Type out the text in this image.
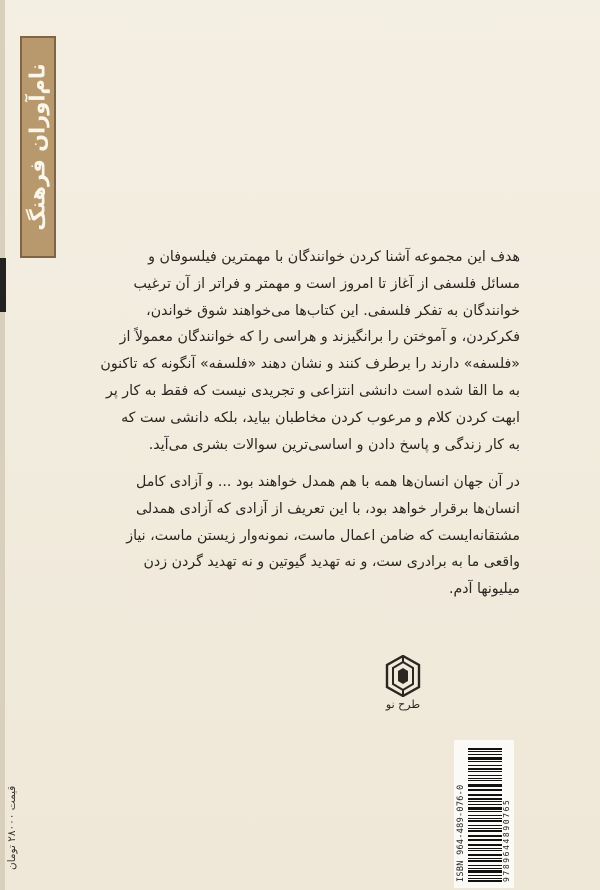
نام‌آوران فرهنگ

هدف این مجموعه آشنا کردن خوانندگان با مهمترین فیلسوفان و

مسائل فلسفی از آغاز تا امروز است و مهمتر و فراتر از آن ترغیب

خوانندگان به تفکر فلسفی. این کتاب‌ها می‌خواهند شوق خواندن،

فکرکردن، و آموختن را برانگیزند و هراسی را که خوانندگان معمولاً از

«فلسفه» دارند را برطرف کنند و نشان دهند «فلسفه» آنگونه که تاکنون

به ما القا شده است دانشی انتزاعی و تجریدی نیست که فقط به کار پر

ابهت کردن کلام و مرعوب کردن مخاطبان بیاید، بلکه دانشی ست که

به کار زندگی و پاسخ دادن و اساسی‌ترین سوالات بشری می‌آید.

در آن جهان انسان‌ها همه با هم همدل خواهند بود ... و آزادی کامل

انسان‌ها برقرار خواهد بود، با این تعریف از آزادی که آزادی همدلی

مشتقانه‌ایست که ضامن اعمال ماست، نمونه‌وار زیستن ماست، نیاز

واقعی ما به برادری ست، و نه تهدید گیوتین و نه تهدید گردن زدن

میلیونها آدم.

طرح نو
ISBN 964-489-076-0	9789644890765
قیمت ۲۸۰۰۰ تومان
